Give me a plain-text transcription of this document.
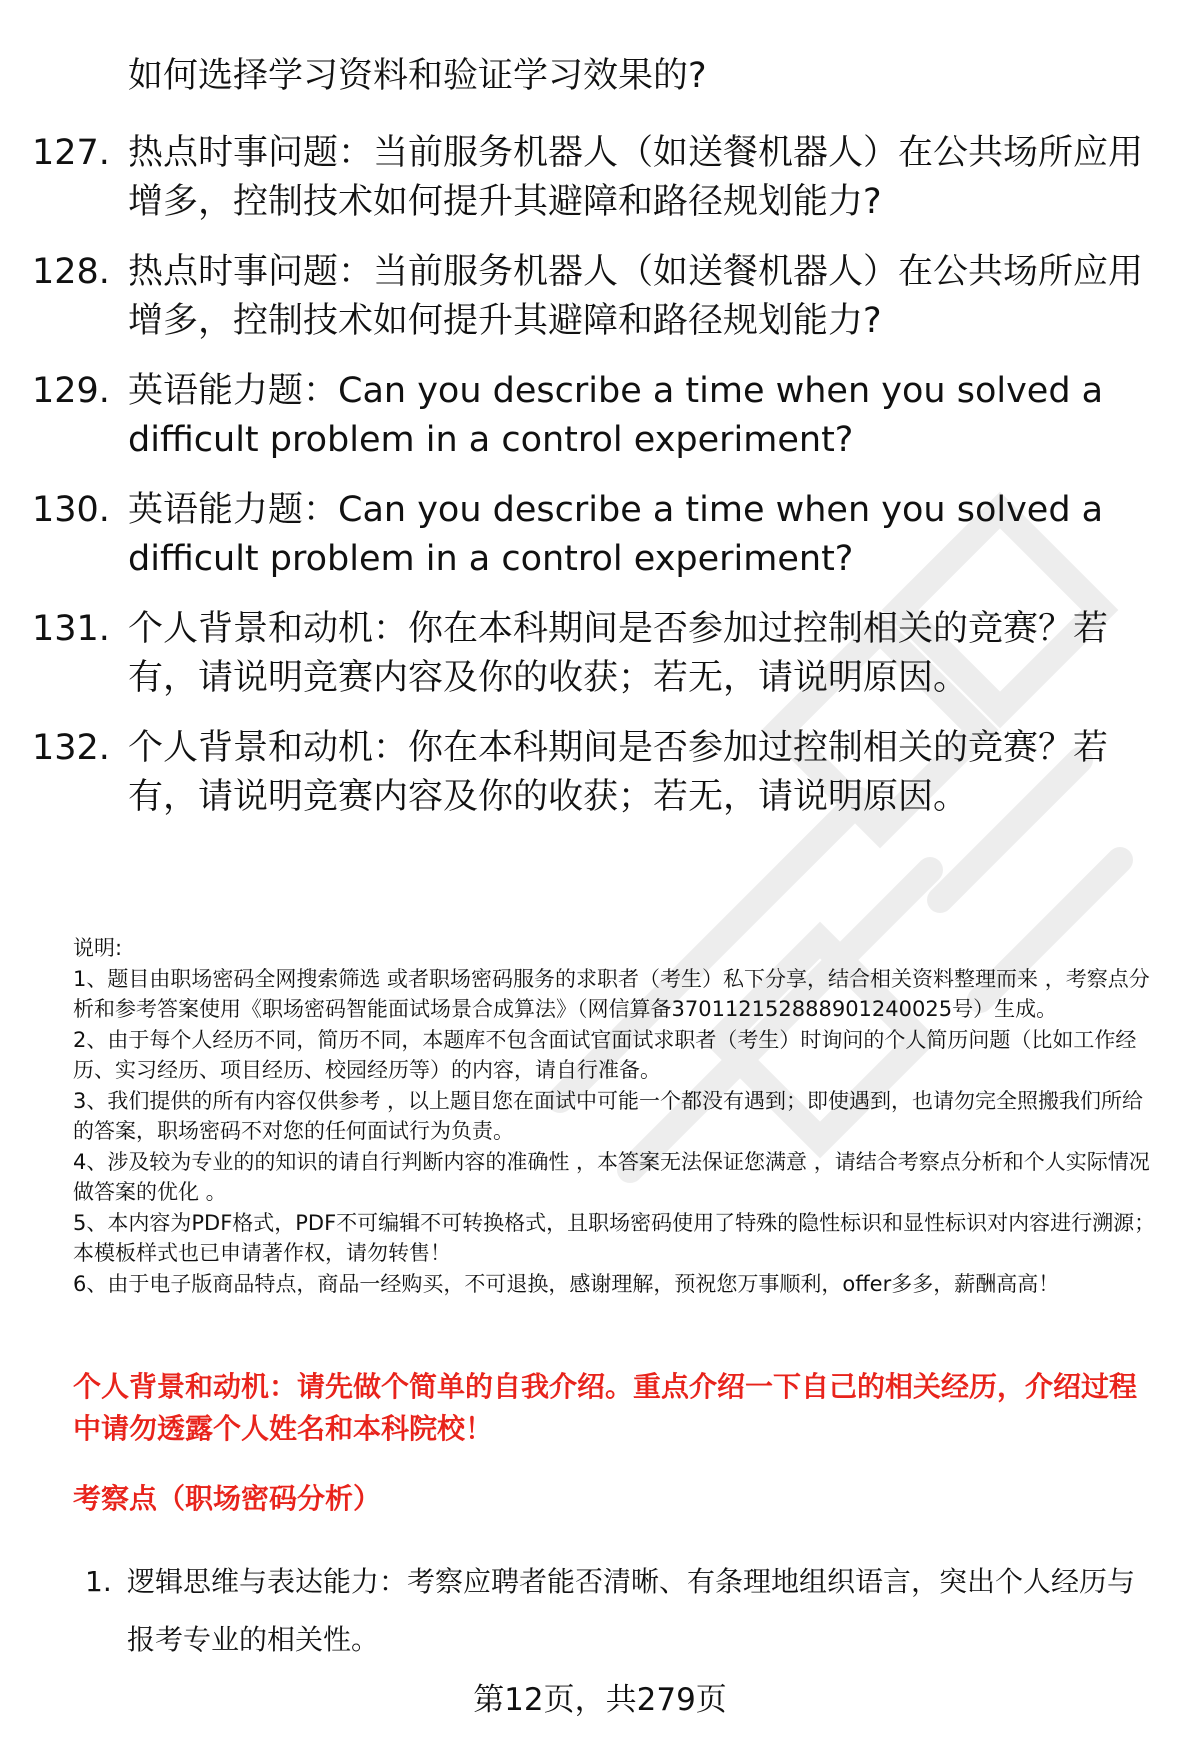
如何选择学习资料和验证学习效果的?
127. 热点时事问题：当前服务机器人（如送餐机器人）在公共场所应用增多，控制技术如何提升其避障和路径规划能力?
128. 热点时事问题：当前服务机器人（如送餐机器人）在公共场所应用增多，控制技术如何提升其避障和路径规划能力?
129. 英语能力题：Can you describe a time when you solved a difficult problem in a control experiment?
130. 英语能力题：Can you describe a time when you solved a difficult problem in a control experiment?
131. 个人背景和动机：你在本科期间是否参加过控制相关的竞赛？若有，请说明竞赛内容及你的收获；若无，请说明原因。
132. 个人背景和动机：你在本科期间是否参加过控制相关的竞赛？若有，请说明竞赛内容及你的收获；若无，请说明原因。

说明:

1、题目由职场密码全网搜索筛选 或者职场密码服务的求职者（考生）私下分享，结合相关资料整理而来 ，考察点分析和参考答案使用《职场密码智能面试场景合成算法》（网信算备370112152888901240025号）生成。

2、由于每个人经历不同，简历不同，本题库不包含面试官面试求职者（考生）时询问的个人简历问题（比如工作经历、实习经历、项目经历、校园经历等）的内容，请自行准备。

3、我们提供的所有内容仅供参考 ，以上题目您在面试中可能一个都没有遇到；即使遇到，也请勿完全照搬我们所给的答案，职场密码不对您的任何面试行为负责。

4、涉及较为专业的的知识的请自行判断内容的准确性 ，本答案无法保证您满意 ，请结合考察点分析和个人实际情况做答案的优化 。

5、本内容为PDF格式，PDF不可编辑不可转换格式，且职场密码使用了特殊的隐性标识和显性标识对内容进行溯源；本模板样式也已申请著作权，请勿转售！

6、由于电子版商品特点，商品一经购买，不可退换，感谢理解，预祝您万事顺利，offer多多，薪酬高高！

个人背景和动机：请先做个简单的自我介绍。重点介绍一下自己的相关经历，介绍过程中请勿透露个人姓名和本科院校！
考察点（职场密码分析）
1. 逻辑思维与表达能力：考察应聘者能否清晰、有条理地组织语言，突出个人经历与报考专业的相关性。
第12页，共279页
